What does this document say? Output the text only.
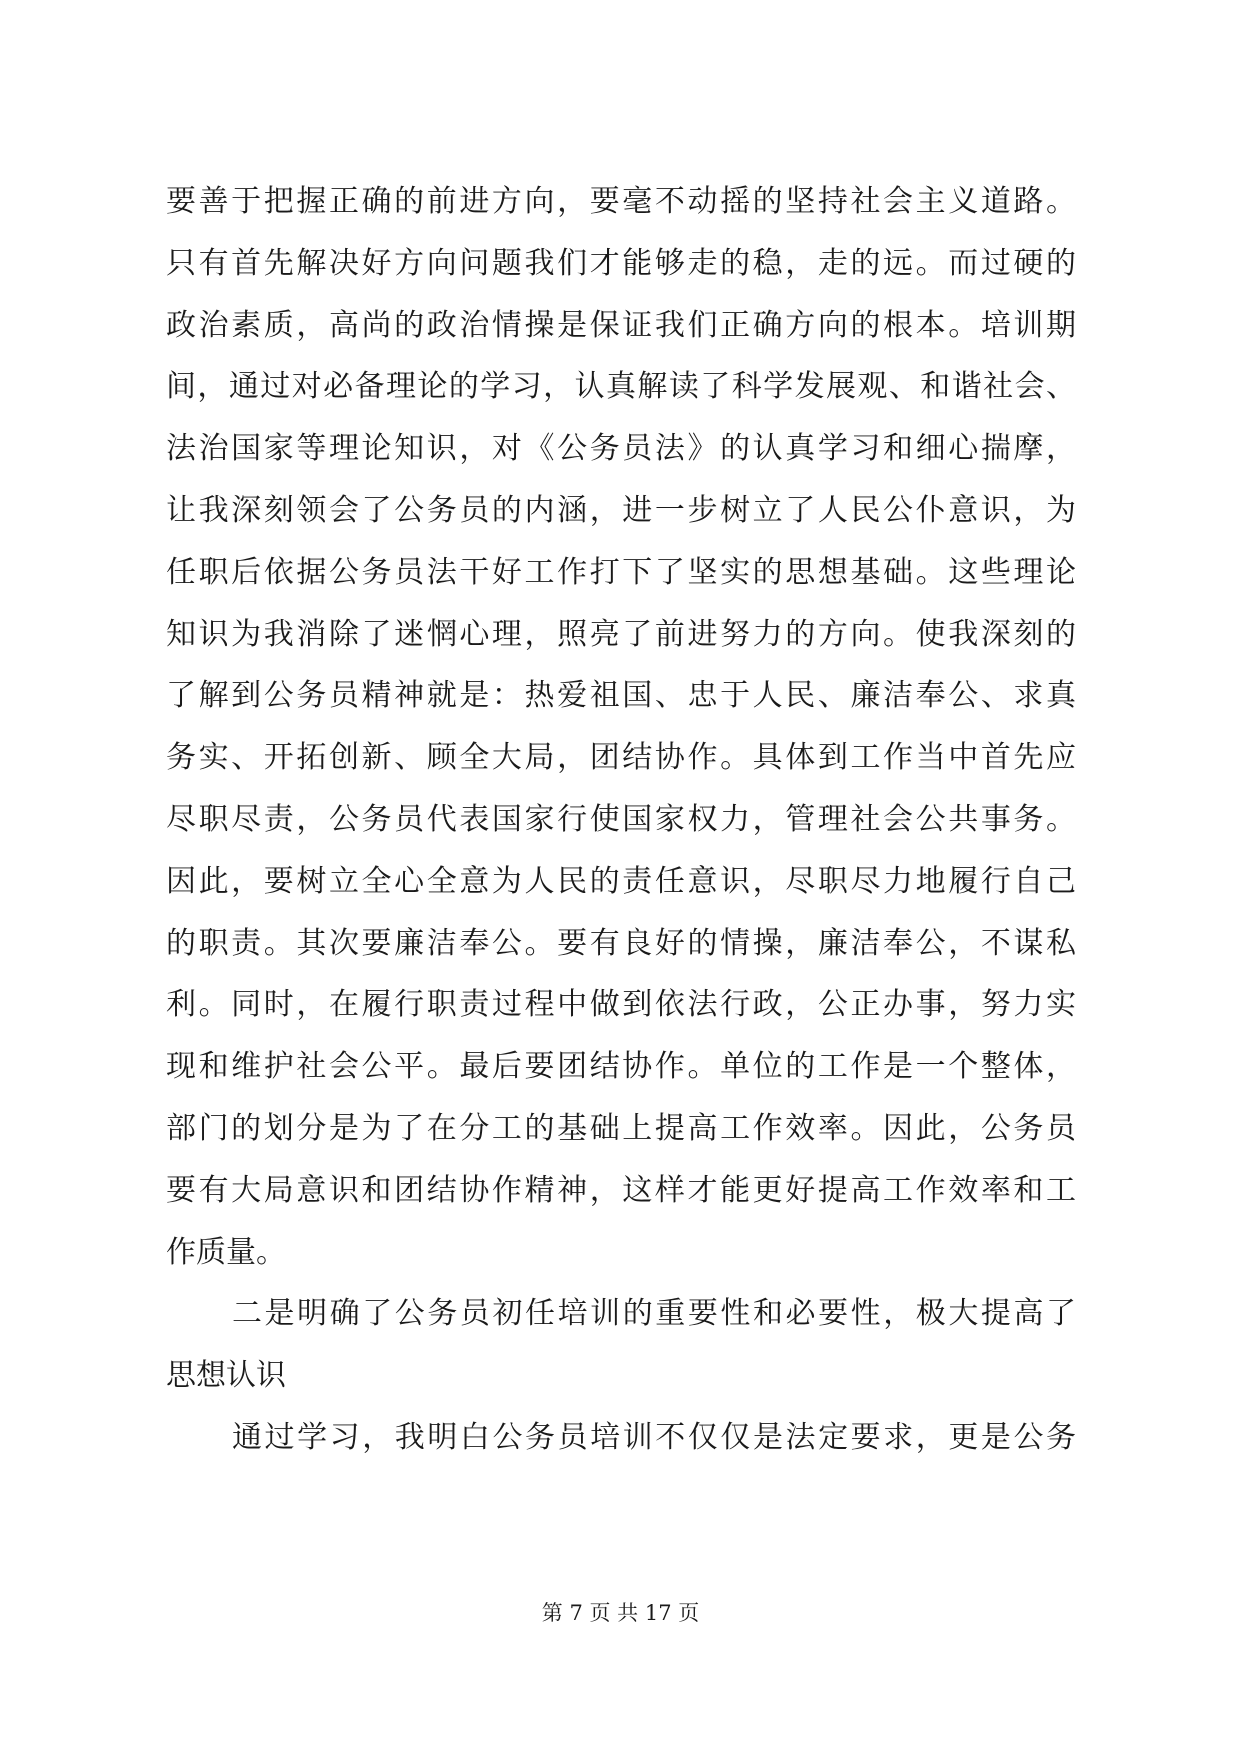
要善于把握正确的前进方向，要毫不动摇的坚持社会主义道路。
只有首先解决好方向问题我们才能够走的稳，走的远。而过硬的
政治素质，高尚的政治情操是保证我们正确方向的根本。培训期
间，通过对必备理论的学习，认真解读了科学发展观、和谐社会、
法治国家等理论知识，对《公务员法》的认真学习和细心揣摩，
让我深刻领会了公务员的内涵，进一步树立了人民公仆意识，为
任职后依据公务员法干好工作打下了坚实的思想基础。这些理论
知识为我消除了迷惘心理，照亮了前进努力的方向。使我深刻的
了解到公务员精神就是：热爱祖国、忠于人民、廉洁奉公、求真
务实、开拓创新、顾全大局，团结协作。具体到工作当中首先应
尽职尽责，公务员代表国家行使国家权力，管理社会公共事务。
因此，要树立全心全意为人民的责任意识，尽职尽力地履行自己
的职责。其次要廉洁奉公。要有良好的情操，廉洁奉公，不谋私
利。同时，在履行职责过程中做到依法行政，公正办事，努力实
现和维护社会公平。最后要团结协作。单位的工作是一个整体，
部门的划分是为了在分工的基础上提高工作效率。因此，公务员
要有大局意识和团结协作精神，这样才能更好提高工作效率和工
作质量。
二是明确了公务员初任培训的重要性和必要性，极大提高了
思想认识
通过学习，我明白公务员培训不仅仅是法定要求，更是公务
第 7 页 共 17 页
